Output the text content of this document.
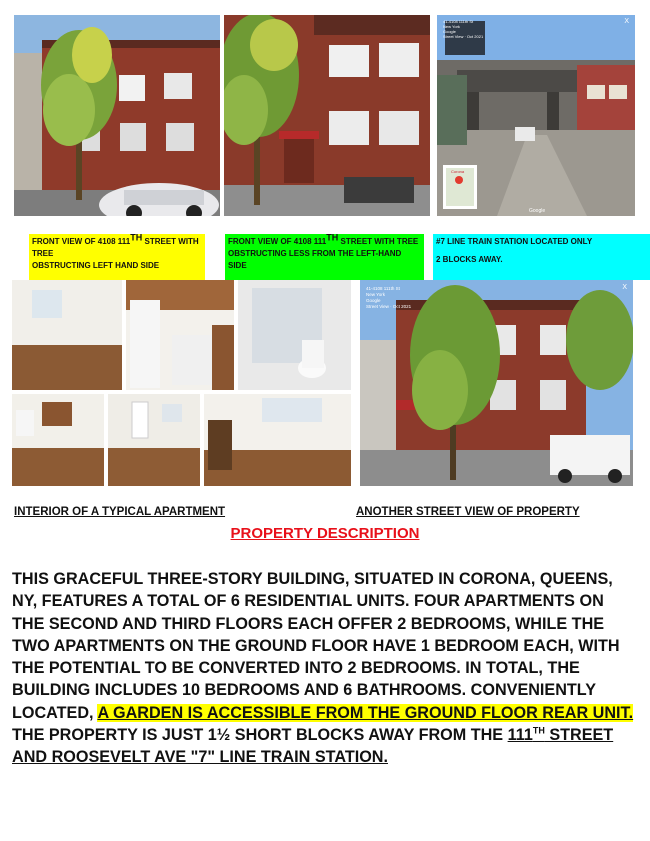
41-4108 111th St
New York
Google
Street View · Oct 2021
X
Corona
Google
FRONT VIEW OF 4108 111TH STREET WITH TREE
OBSTRUCTING LEFT HAND SIDE
FRONT VIEW OF 4108 111TH STREET WITH TREE
OBSTRUCTING LESS FROM THE LEFT-HAND SIDE
#7 LINE TRAIN STATION LOCATED ONLY
2 BLOCKS AWAY.
41-4108 111th St
New York
Google
Street View · Oct 2021
X
INTERIOR OF A TYPICAL APARTMENT	ANOTHER STREET VIEW OF PROPERTY
PROPERTY DESCRIPTION
THIS GRACEFUL THREE-STORY BUILDING, SITUATED IN CORONA, QUEENS, NY, FEATURES A TOTAL OF 6 RESIDENTIAL UNITS. FOUR APARTMENTS ON THE SECOND AND THIRD FLOORS EACH OFFER 2 BEDROOMS, WHILE THE TWO APARTMENTS ON THE GROUND FLOOR HAVE 1 BEDROOM EACH, WITH THE POTENTIAL TO BE CONVERTED INTO 2 BEDROOMS. IN TOTAL, THE BUILDING INCLUDES 10 BEDROOMS AND 6 BATHROOMS. CONVENIENTLY LOCATED, A GARDEN IS ACCESSIBLE FROM THE GROUND FLOOR REAR UNIT. THE PROPERTY IS JUST 1½ SHORT BLOCKS AWAY FROM THE 111TH STREET AND ROOSEVELT AVE "7" LINE TRAIN STATION.
